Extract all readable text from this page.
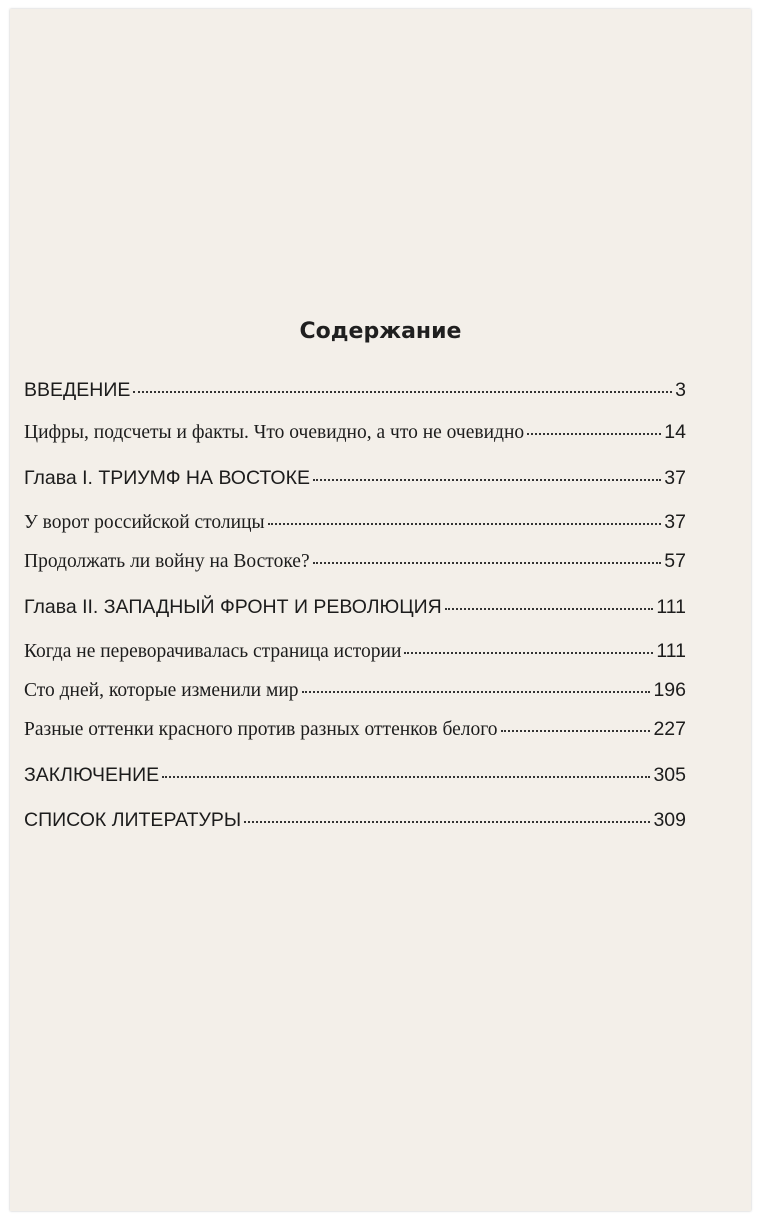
Содержание
ВВЕДЕНИЕ	3
Цифры, подсчеты и факты. Что очевидно, а что не очевидно	14
Глава I. ТРИУМФ НА ВОСТОКЕ	37
У ворот российской столицы	37
Продолжать ли войну на Востоке?	57
Глава II. ЗАПАДНЫЙ ФРОНТ И РЕВОЛЮЦИЯ	111
Когда не переворачивалась страница истории	111
Сто дней, которые изменили мир	196
Разные оттенки красного против разных оттенков белого	227
ЗАКЛЮЧЕНИЕ	305
СПИСОК ЛИТЕРАТУРЫ	309
